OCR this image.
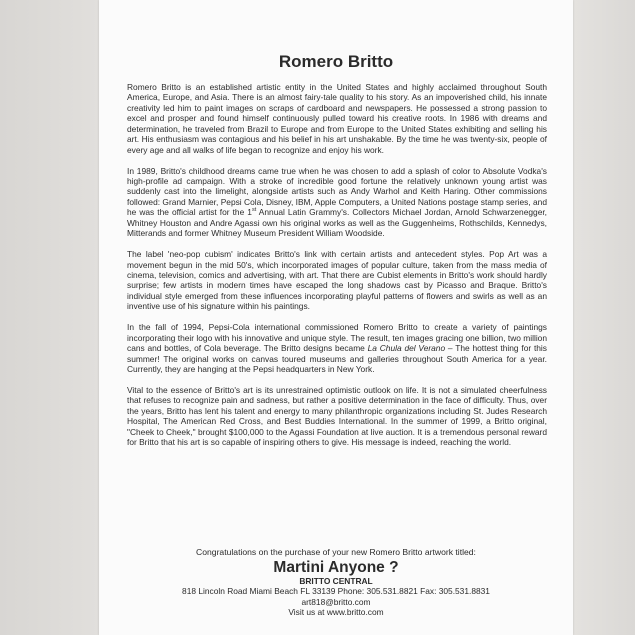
Romero Britto

Romero Britto is an established artistic entity in the United States and highly acclaimed throughout South America, Europe, and Asia. There is an almost fairy-tale quality to his story. As an impoverished child, his innate creativity led him to paint images on scraps of cardboard and newspapers. He possessed a strong passion to excel and prosper and found himself continuously pulled toward his creative roots. In 1986 with dreams and determination, he traveled from Brazil to Europe and from Europe to the United States exhibiting and selling his art. His enthusiasm was contagious and his belief in his art unshakable. By the time he was twenty-six, people of every age and all walks of life began to recognize and enjoy his work.

In 1989, Britto's childhood dreams came true when he was chosen to add a splash of color to Absolute Vodka's high-profile ad campaign. With a stroke of incredible good fortune the relatively unknown young artist was suddenly cast into the limelight, alongside artists such as Andy Warhol and Keith Haring. Other commissions followed: Grand Marnier, Pepsi Cola, Disney, IBM, Apple Computers, a United Nations postage stamp series, and he was the official artist for the 1st Annual Latin Grammy's. Collectors Michael Jordan, Arnold Schwarzenegger, Whitney Houston and Andre Agassi own his original works as well as the Guggenheims, Rothschilds, Kennedys, Mitterands and former Whitney Museum President William Woodside.

The label 'neo-pop cubism' indicates Britto's link with certain artists and antecedent styles. Pop Art was a movement begun in the mid 50's, which incorporated images of popular culture, taken from the mass media of cinema, television, comics and advertising, with art. That there are Cubist elements in Britto's work should hardly surprise; few artists in modern times have escaped the long shadows cast by Picasso and Braque. Britto's individual style emerged from these influences incorporating playful patterns of flowers and swirls as well as an inventive use of his signature within his paintings.

In the fall of 1994, Pepsi-Cola international commissioned Romero Britto to create a variety of paintings incorporating their logo with his innovative and unique style. The result, ten images gracing one billion, two million cans and bottles, of Cola beverage. The Britto designs became La Chula del Verano – The hottest thing for this summer! The original works on canvas toured museums and galleries throughout South America for a year. Currently, they are hanging at the Pepsi headquarters in New York.

Vital to the essence of Britto's art is its unrestrained optimistic outlook on life. It is not a simulated cheerfulness that refuses to recognize pain and sadness, but rather a positive determination in the face of difficulty. Thus, over the years, Britto has lent his talent and energy to many philanthropic organizations including St. Judes Research Hospital, The American Red Cross, and Best Buddies International. In the summer of 1999, a Britto original, "Cheek to Cheek," brought $100,000 to the Agassi Foundation at live auction. It is a tremendous personal reward for Britto that his art is so capable of inspiring others to give. His message is indeed, reaching the world.

Congratulations on the purchase of your new Romero Britto artwork titled:
Martini Anyone ?
BRITTO CENTRAL
818 Lincoln Road Miami Beach FL 33139 Phone: 305.531.8821 Fax: 305.531.8831
art818@britto.com
Visit us at www.britto.com
